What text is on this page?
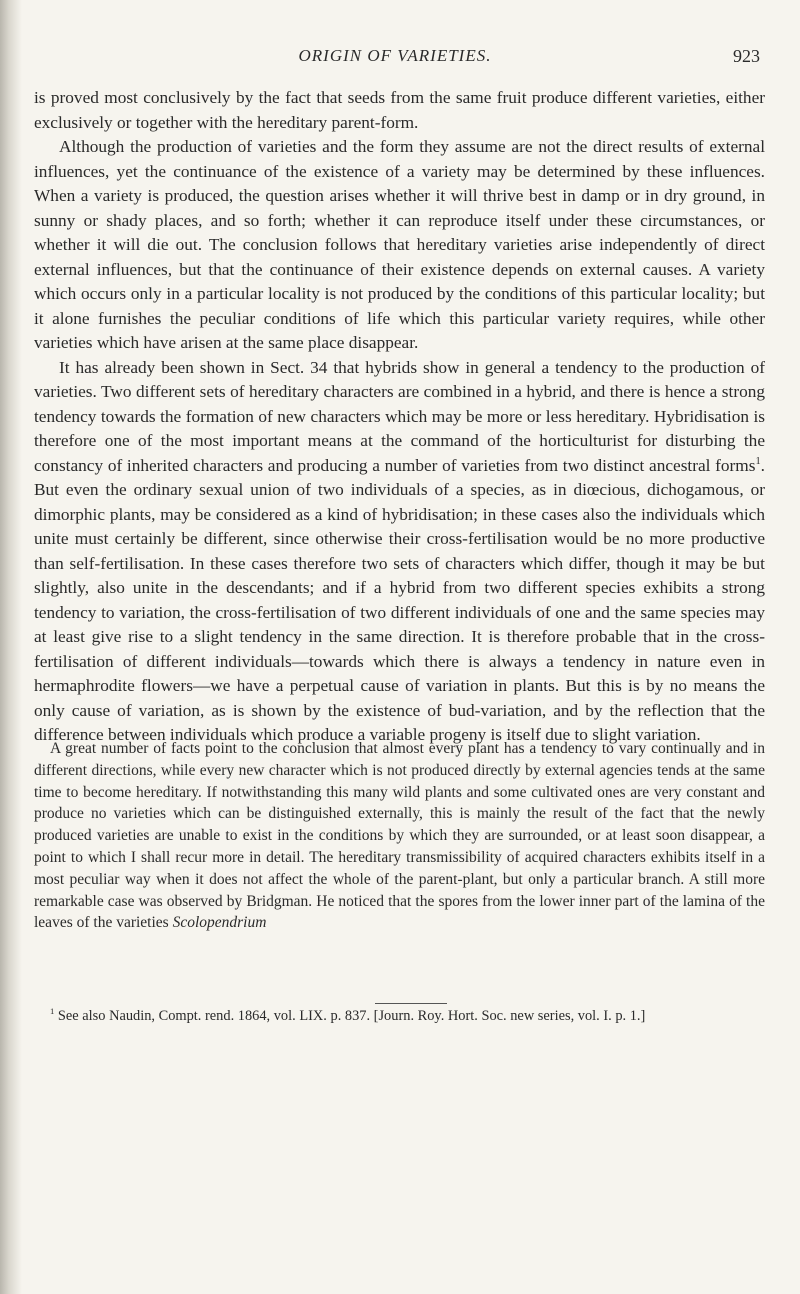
ORIGIN OF VARIETIES.	923

is proved most conclusively by the fact that seeds from the same fruit produce different varieties, either exclusively or together with the hereditary parent-form.

Although the production of varieties and the form they assume are not the direct results of external influences, yet the continuance of the existence of a variety may be determined by these influences. When a variety is produced, the question arises whether it will thrive best in damp or in dry ground, in sunny or shady places, and so forth; whether it can reproduce itself under these circumstances, or whether it will die out. The conclusion follows that hereditary varieties arise independently of direct external influences, but that the continuance of their existence depends on external causes. A variety which occurs only in a particular locality is not produced by the conditions of this particular locality; but it alone furnishes the peculiar conditions of life which this particular variety requires, while other varieties which have arisen at the same place disappear.

It has already been shown in Sect. 34 that hybrids show in general a tendency to the production of varieties. Two different sets of hereditary characters are combined in a hybrid, and there is hence a strong tendency towards the formation of new characters which may be more or less hereditary. Hybridisation is therefore one of the most important means at the command of the horticulturist for disturbing the constancy of inherited characters and producing a number of varieties from two distinct ancestral forms$^1$. But even the ordinary sexual union of two individuals of a species, as in diœcious, dichogamous, or dimorphic plants, may be considered as a kind of hybridisation; in these cases also the individuals which unite must certainly be different, since otherwise their cross-fertilisation would be no more productive than self-fertilisation. In these cases therefore two sets of characters which differ, though it may be but slightly, also unite in the descendants; and if a hybrid from two different species exhibits a strong tendency to variation, the cross-fertilisation of two different individuals of one and the same species may at least give rise to a slight tendency in the same direction. It is therefore probable that in the cross-fertilisation of different individuals—towards which there is always a tendency in nature even in hermaphrodite flowers—we have a perpetual cause of variation in plants. But this is by no means the only cause of variation, as is shown by the existence of bud-variation, and by the reflection that the difference between individuals which produce a variable progeny is itself due to slight variation.

A great number of facts point to the conclusion that almost every plant has a tendency to vary continually and in different directions, while every new character which is not produced directly by external agencies tends at the same time to become hereditary. If notwithstanding this many wild plants and some cultivated ones are very constant and produce no varieties which can be distinguished externally, this is mainly the result of the fact that the newly produced varieties are unable to exist in the conditions by which they are surrounded, or at least soon disappear, a point to which I shall recur more in detail. The hereditary transmissibility of acquired characters exhibits itself in a most peculiar way when it does not affect the whole of the parent-plant, but only a particular branch. A still more remarkable case was observed by Bridgman. He noticed that the spores from the lower inner part of the lamina of the leaves of the varieties Scolopendrium

$^1$ See also Naudin, Compt. rend. 1864, vol. LIX. p. 837. [Journ. Roy. Hort. Soc. new series, vol. I. p. 1.]
